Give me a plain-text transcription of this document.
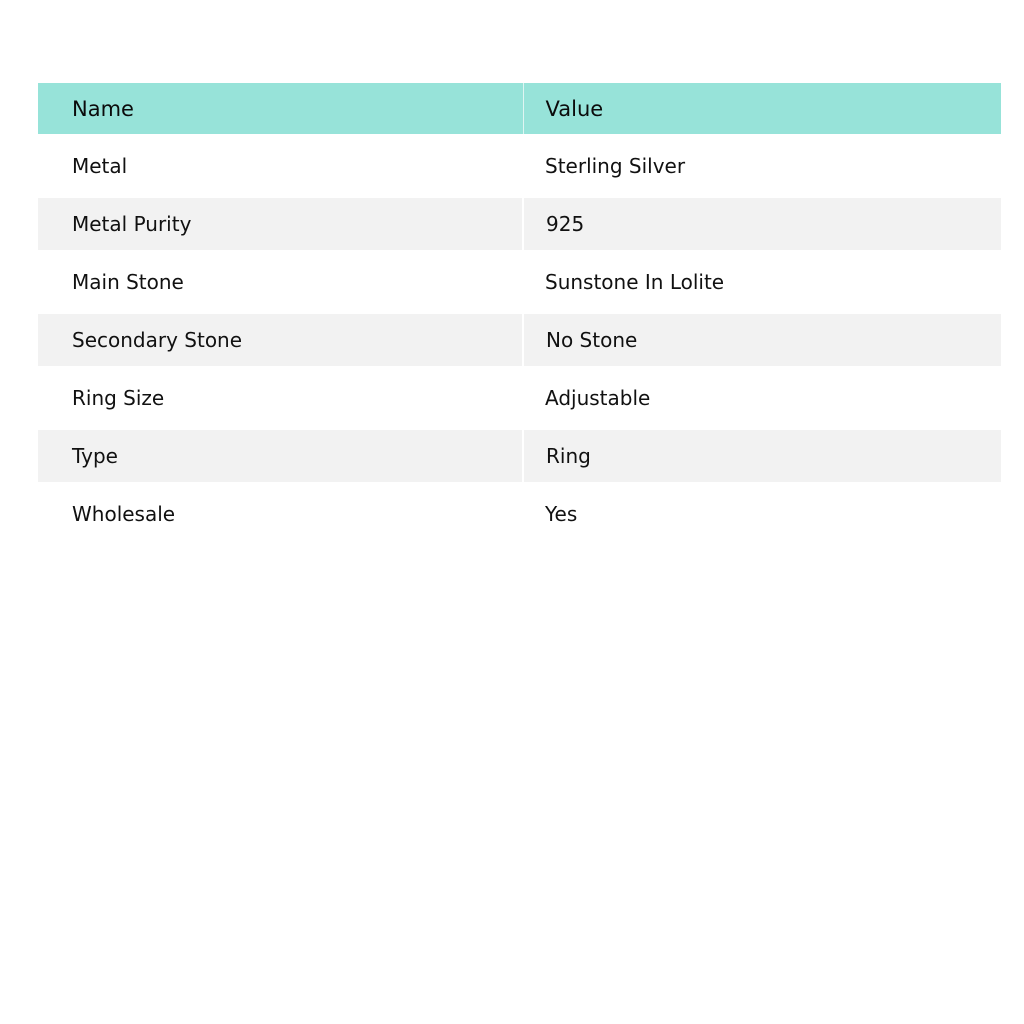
Name	Value
Metal	Sterling Silver
Metal Purity	925
Main Stone	Sunstone In Lolite
Secondary Stone	No Stone
Ring Size	Adjustable
Type	Ring
Wholesale	Yes
